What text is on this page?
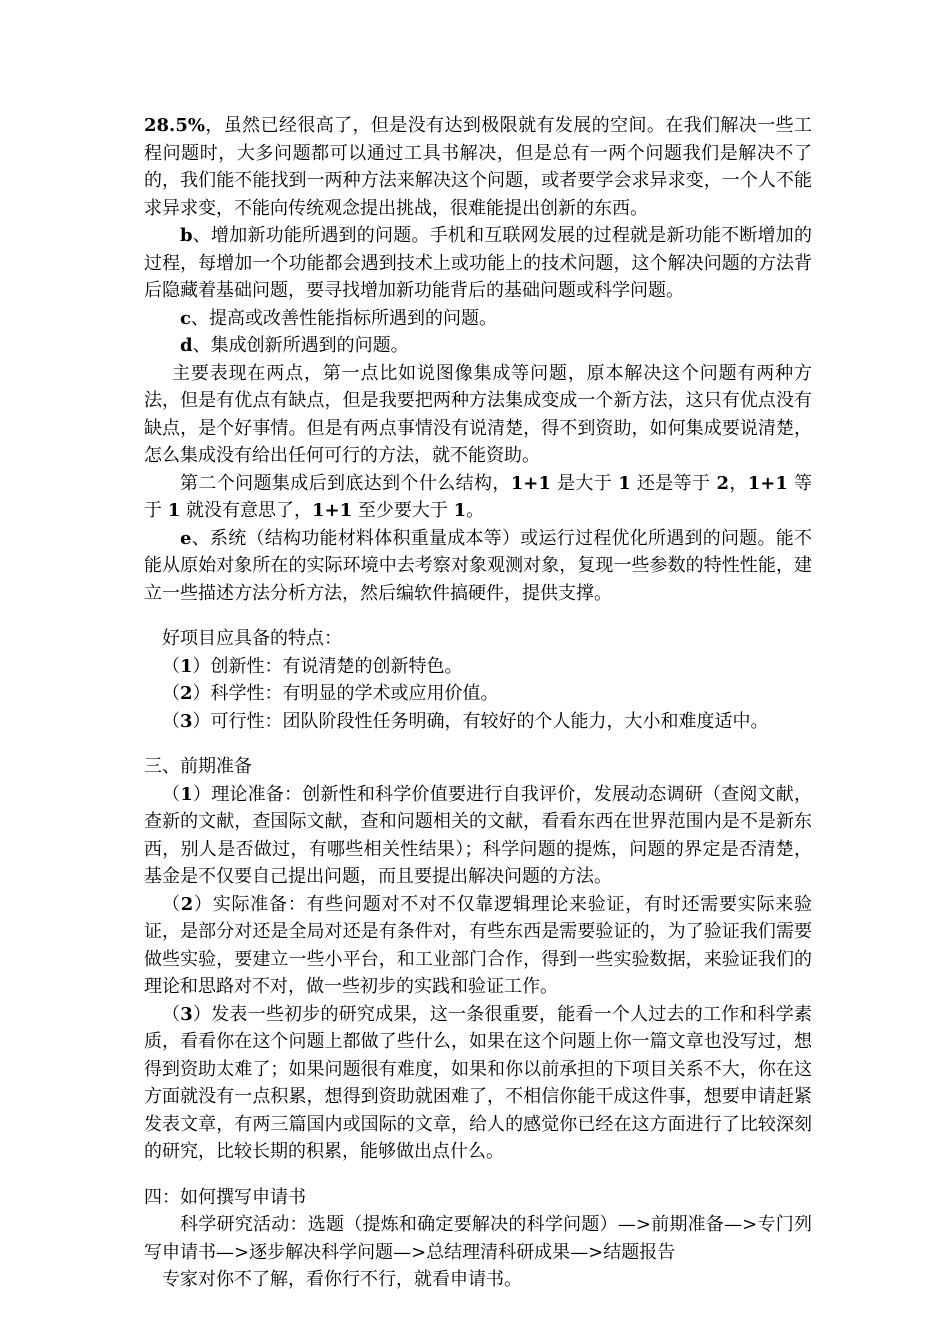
28.5%，虽然已经很高了，但是没有达到极限就有发展的空间。在我们解决一些工程问题时，大多问题都可以通过工具书解决，但是总有一两个问题我们是解决不了的，我们能不能找到一两种方法来解决这个问题，或者要学会求异求变，一个人不能求异求变，不能向传统观念提出挑战，很难能提出创新的东西。

b、增加新功能所遇到的问题。手机和互联网发展的过程就是新功能不断增加的过程，每增加一个功能都会遇到技术上或功能上的技术问题，这个解决问题的方法背后隐藏着基础问题，要寻找增加新功能背后的基础问题或科学问题。

c、提高或改善性能指标所遇到的问题。

d、集成创新所遇到的问题。

主要表现在两点，第一点比如说图像集成等问题，原本解决这个问题有两种方法，但是有优点有缺点，但是我要把两种方法集成变成一个新方法，这只有优点没有缺点，是个好事情。但是有两点事情没有说清楚，得不到资助，如何集成要说清楚，怎么集成没有给出任何可行的方法，就不能资助。

第二个问题集成后到底达到个什么结构，1+1 是大于 1 还是等于 2，1+1 等于 1 就没有意思了，1+1 至少要大于 1。

e、系统（结构功能材料体积重量成本等）或运行过程优化所遇到的问题。能不能从原始对象所在的实际环境中去考察对象观测对象，复现一些参数的特性性能，建立一些描述方法分析方法，然后编软件搞硬件，提供支撑。

好项目应具备的特点：

（1）创新性：有说清楚的创新特色。

（2）科学性：有明显的学术或应用价值。

（3）可行性：团队阶段性任务明确，有较好的个人能力，大小和难度适中。

三、前期准备

（1）理论准备：创新性和科学价值要进行自我评价，发展动态调研（查阅文献，查新的文献，查国际文献，查和问题相关的文献，看看东西在世界范围内是不是新东西，别人是否做过，有哪些相关性结果）；科学问题的提炼，问题的界定是否清楚，基金是不仅要自己提出问题，而且要提出解决问题的方法。

（2）实际准备：有些问题对不对不仅靠逻辑理论来验证，有时还需要实际来验证，是部分对还是全局对还是有条件对，有些东西是需要验证的，为了验证我们需要做些实验，要建立一些小平台，和工业部门合作，得到一些实验数据，来验证我们的理论和思路对不对，做一些初步的实践和验证工作。

（3）发表一些初步的研究成果，这一条很重要，能看一个人过去的工作和科学素质，看看你在这个问题上都做了些什么，如果在这个问题上你一篇文章也没写过，想得到资助太难了；如果问题很有难度，如果和你以前承担的下项目关系不大，你在这方面就没有一点积累，想得到资助就困难了，不相信你能干成这件事，想要申请赶紧发表文章，有两三篇国内或国际的文章，给人的感觉你已经在这方面进行了比较深刻的研究，比较长期的积累，能够做出点什么。

四：如何撰写申请书

科学研究活动：选题（提炼和确定要解决的科学问题）—>前期准备—>专门列写申请书—>逐步解决科学问题—>总结理清科研成果—>结题报告

专家对你不了解，看你行不行，就看申请书。
